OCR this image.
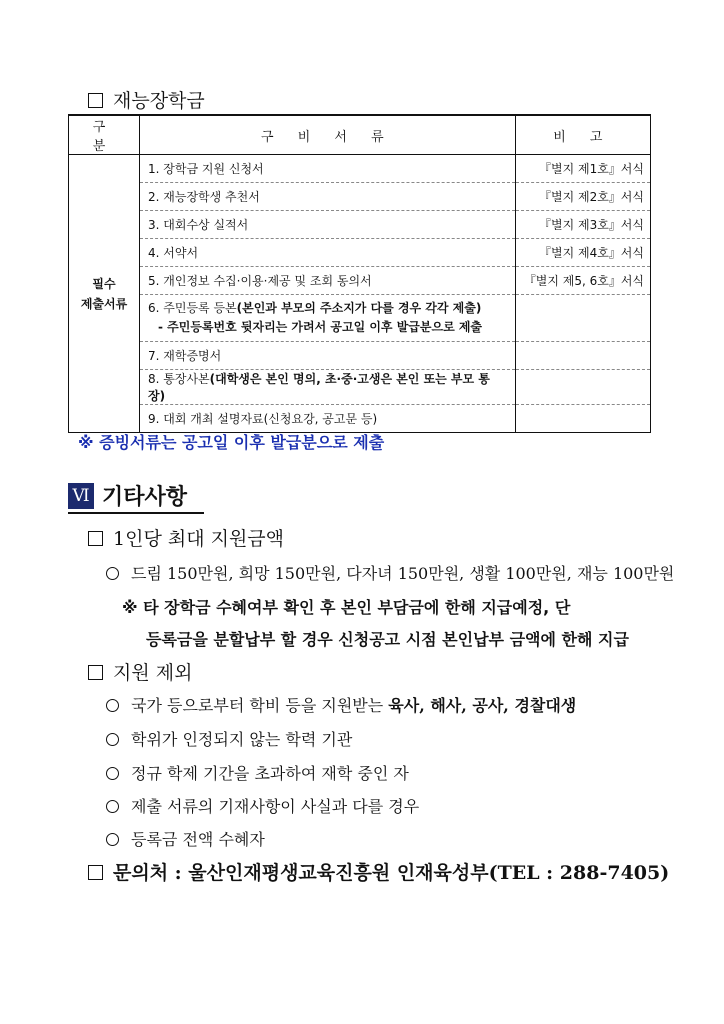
재능장학금
구 분	구 비 서 류	비 고
필수
제출서류	1. 장학금 지원 신청서	『별지 제1호』서식
	2. 재능장학생 추천서	『별지 제2호』서식
	3. 대회수상 실적서	『별지 제3호』서식
	4. 서약서	『별지 제4호』서식
	5. 개인정보 수집·이용·제공 및 조회 동의서	『별지 제5, 6호』서식
	6. 주민등록 등본(본인과 부모의 주소지가 다를 경우 각각 제출)
- 주민등록번호 뒷자리는 가려서 공고일 이후 발급분으로 제출	
	7. 재학증명서	
	8. 통장사본(대학생은 본인 명의, 초·중·고생은 본인 또는 부모 통장)	
	9. 대회 개최 설명자료(신청요강, 공고문 등)	
※ 증빙서류는 공고일 이후 발급분으로 제출
Ⅵ 기타사항
1인당 최대 지원금액
드림 150만원, 희망 150만원, 다자녀 150만원, 생활 100만원, 재능 100만원
※ 타 장학금 수혜여부 확인 후 본인 부담금에 한해 지급예정, 단
등록금을 분할납부 할 경우 신청공고 시점 본인납부 금액에 한해 지급
지원 제외
국가 등으로부터 학비 등을 지원받는 육사, 해사, 공사, 경찰대생
학위가 인정되지 않는 학력 기관
정규 학제 기간을 초과하여 재학 중인 자
제출 서류의 기재사항이 사실과 다를 경우
등록금 전액 수혜자
문의처 : 울산인재평생교육진흥원 인재육성부(TEL : 288-7405)
